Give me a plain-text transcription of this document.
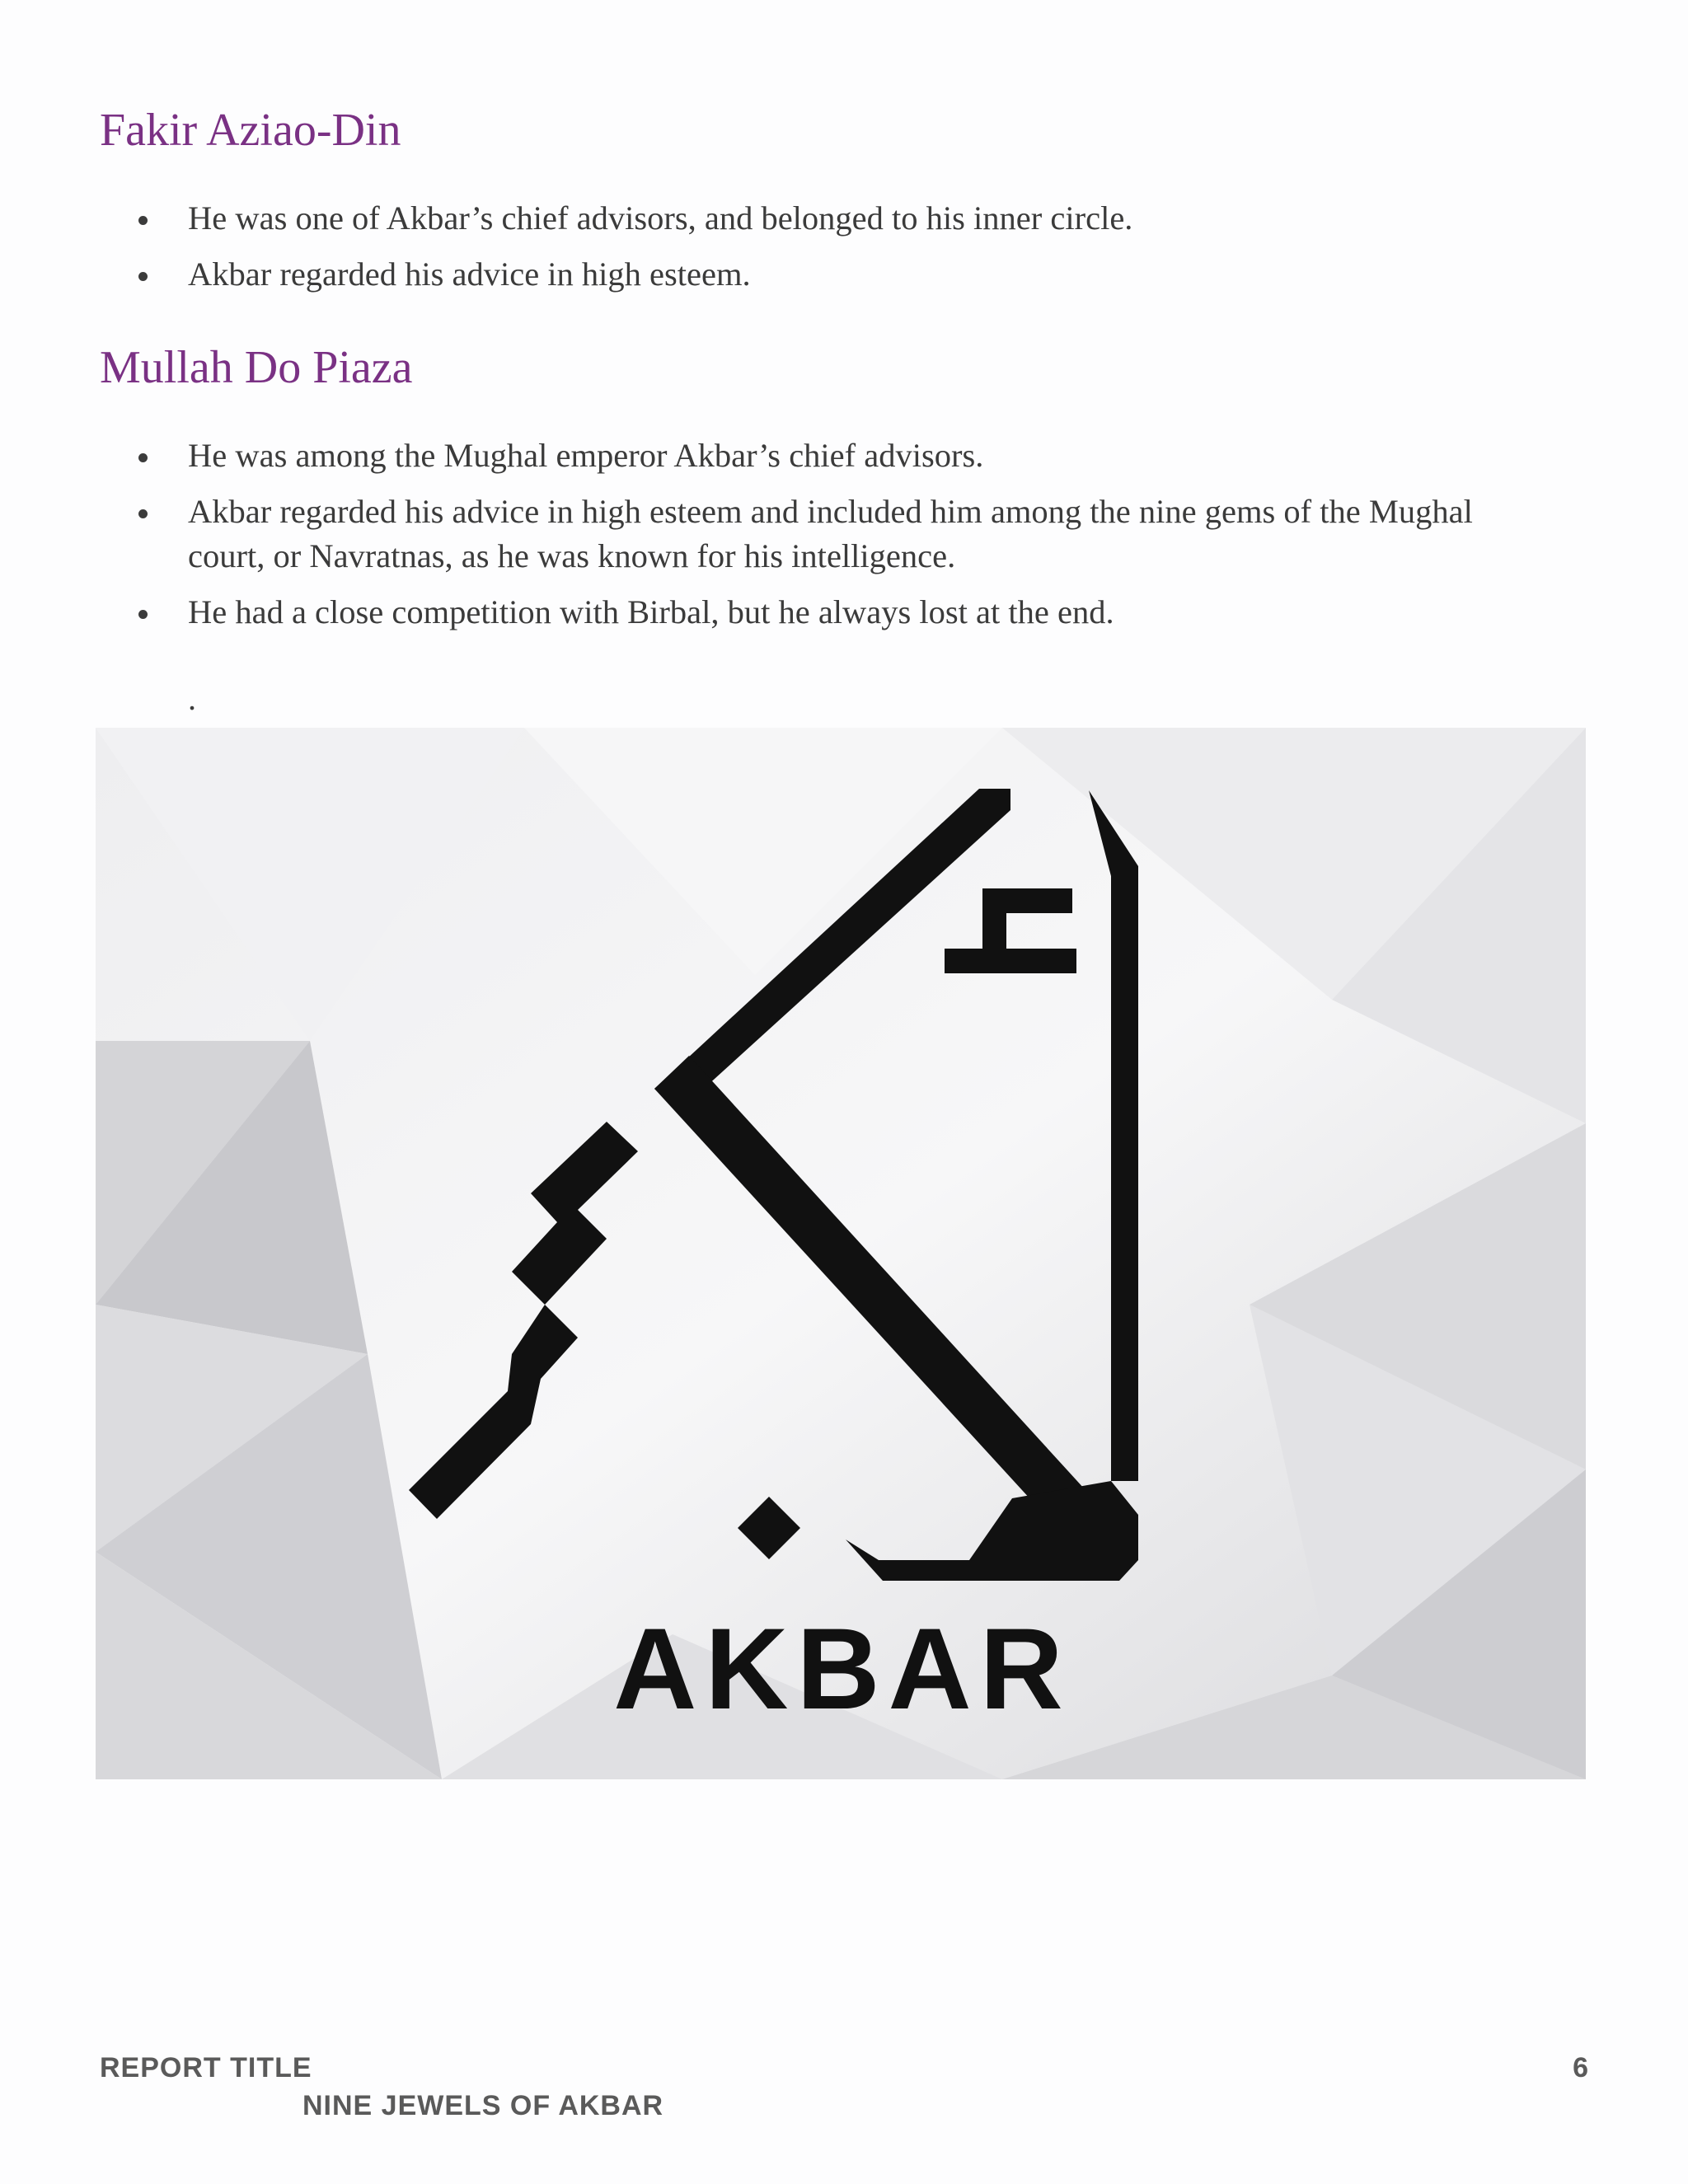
Fakir Aziao-Din
He was one of Akbar’s chief advisors, and belonged to his inner circle.
Akbar regarded his advice in high esteem.
Mullah Do Piaza
He was among the Mughal emperor Akbar’s chief advisors.
Akbar regarded his advice in high esteem and included him among the nine gems of the Mughal court, or Navratnas, as he was known for his intelligence.
He had a close competition with Birbal, but he always lost at the end.
.
AKBAR
REPORT TITLE
NINE JEWELS OF AKBAR
6
